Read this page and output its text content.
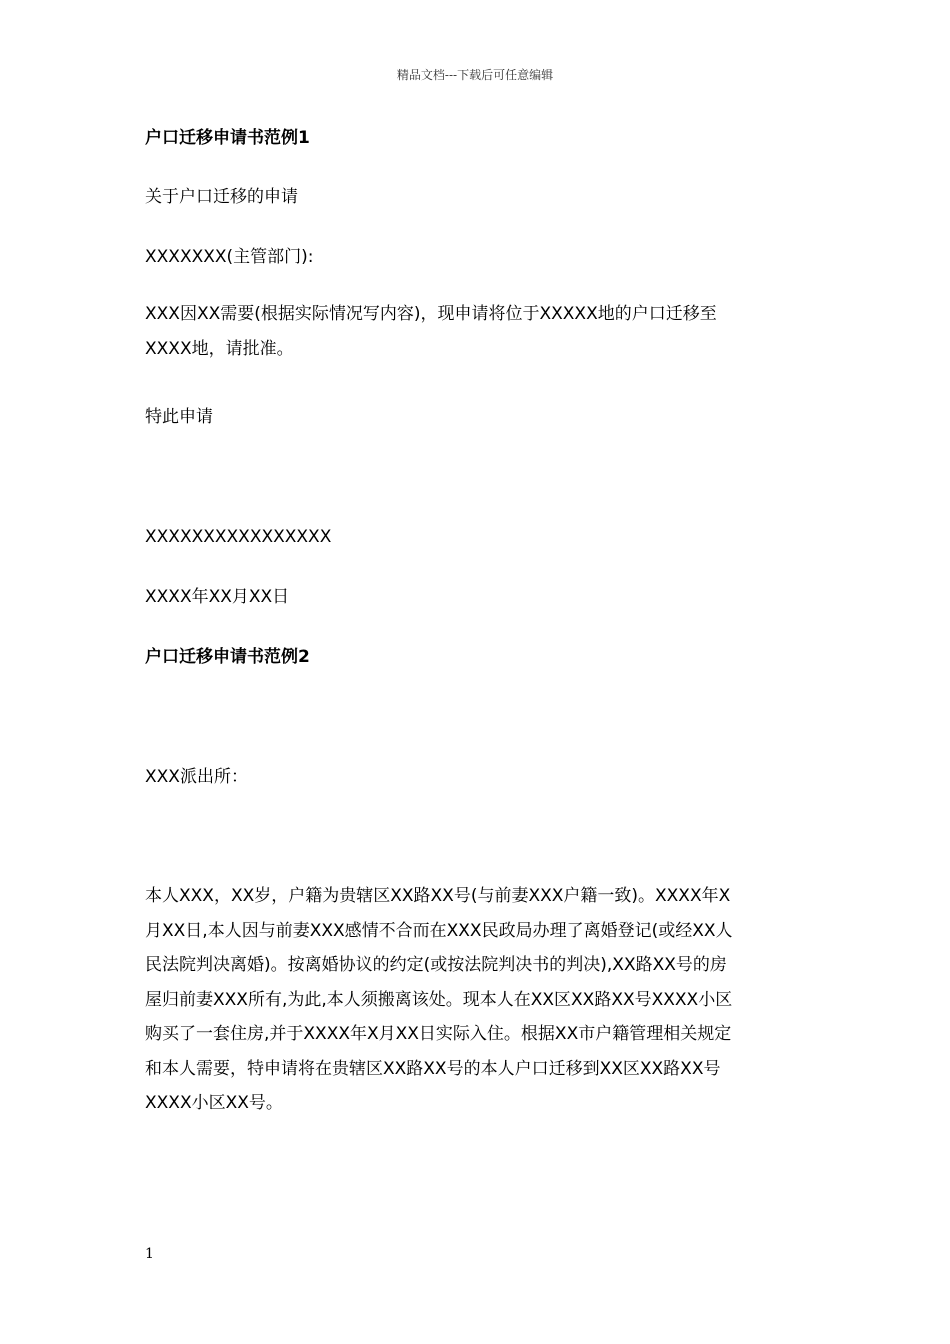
精品文档---下载后可任意编辑
户口迁移申请书范例1
关于户口迁移的申请
XXXXXXX(主管部门):
XXX因XX需要(根据实际情况写内容)，现申请将位于XXXXX地的户口迁移至
XXXX地，请批准。
特此申请
XXXXXXXXXXXXXXXX
XXXX年XX月XX日
户口迁移申请书范例2
XXX派出所：
本人XXX，XX岁，户籍为贵辖区XX路XX号(与前妻XXX户籍一致)。XXXX年X
月XX日,本人因与前妻XXX感情不合而在XXX民政局办理了离婚登记(或经XX人
民法院判决离婚)。按离婚协议的约定(或按法院判决书的判决),XX路XX号的房
屋归前妻XXX所有,为此,本人须搬离该处。现本人在XX区XX路XX号XXXX小区
购买了一套住房,并于XXXX年X月XX日实际入住。根据XX市户籍管理相关规定
和本人需要，特申请将在贵辖区XX路XX号的本人户口迁移到XX区XX路XX号
XXXX小区XX号。
1
